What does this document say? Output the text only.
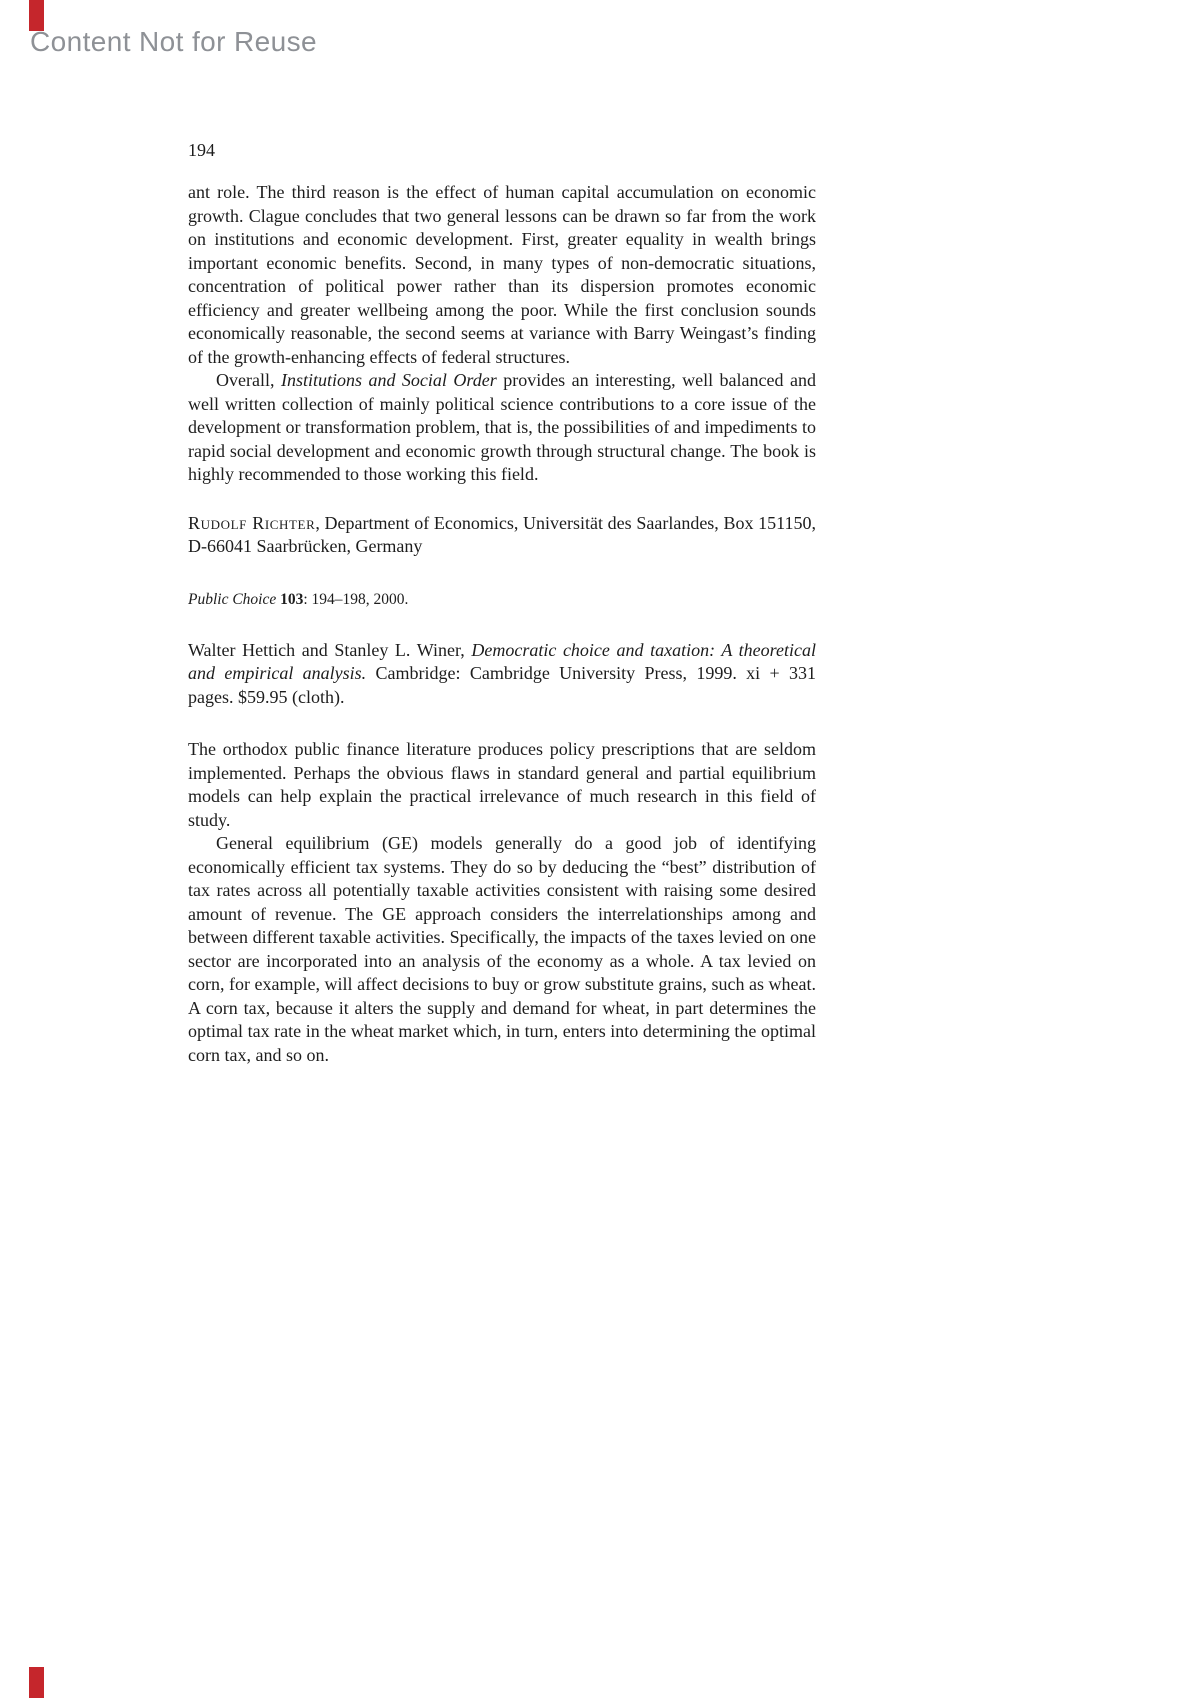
Content Not for Reuse
194

ant role. The third reason is the effect of human capital accumulation on economic growth. Clague concludes that two general lessons can be drawn so far from the work on institutions and economic development. First, greater equality in wealth brings important economic benefits. Second, in many types of non-democratic situations, concentration of political power rather than its dispersion promotes economic efficiency and greater wellbeing among the poor. While the first conclusion sounds economically reasonable, the second seems at variance with Barry Weingast’s finding of the growth-enhancing effects of federal structures.

Overall, Institutions and Social Order provides an interesting, well balanced and well written collection of mainly political science contributions to a core issue of the development or transformation problem, that is, the possibilities of and impediments to rapid social development and economic growth through structural change. The book is highly recommended to those working this field.

Rudolf Richter, Department of Economics, Universität des Saarlandes, Box 151150, D-66041 Saarbrücken, Germany

Public Choice 103: 194–198, 2000.

Walter Hettich and Stanley L. Winer, Democratic choice and taxation: A theoretical and empirical analysis. Cambridge: Cambridge University Press, 1999. xi + 331 pages. $59.95 (cloth).

The orthodox public finance literature produces policy prescriptions that are seldom implemented. Perhaps the obvious flaws in standard general and partial equilibrium models can help explain the practical irrelevance of much research in this field of study.

General equilibrium (GE) models generally do a good job of identifying economically efficient tax systems. They do so by deducing the “best” distribution of tax rates across all potentially taxable activities consistent with raising some desired amount of revenue. The GE approach considers the interrelationships among and between different taxable activities. Specifically, the impacts of the taxes levied on one sector are incorporated into an analysis of the economy as a whole. A tax levied on corn, for example, will affect decisions to buy or grow substitute grains, such as wheat. A corn tax, because it alters the supply and demand for wheat, in part determines the optimal tax rate in the wheat market which, in turn, enters into determining the optimal corn tax, and so on.
